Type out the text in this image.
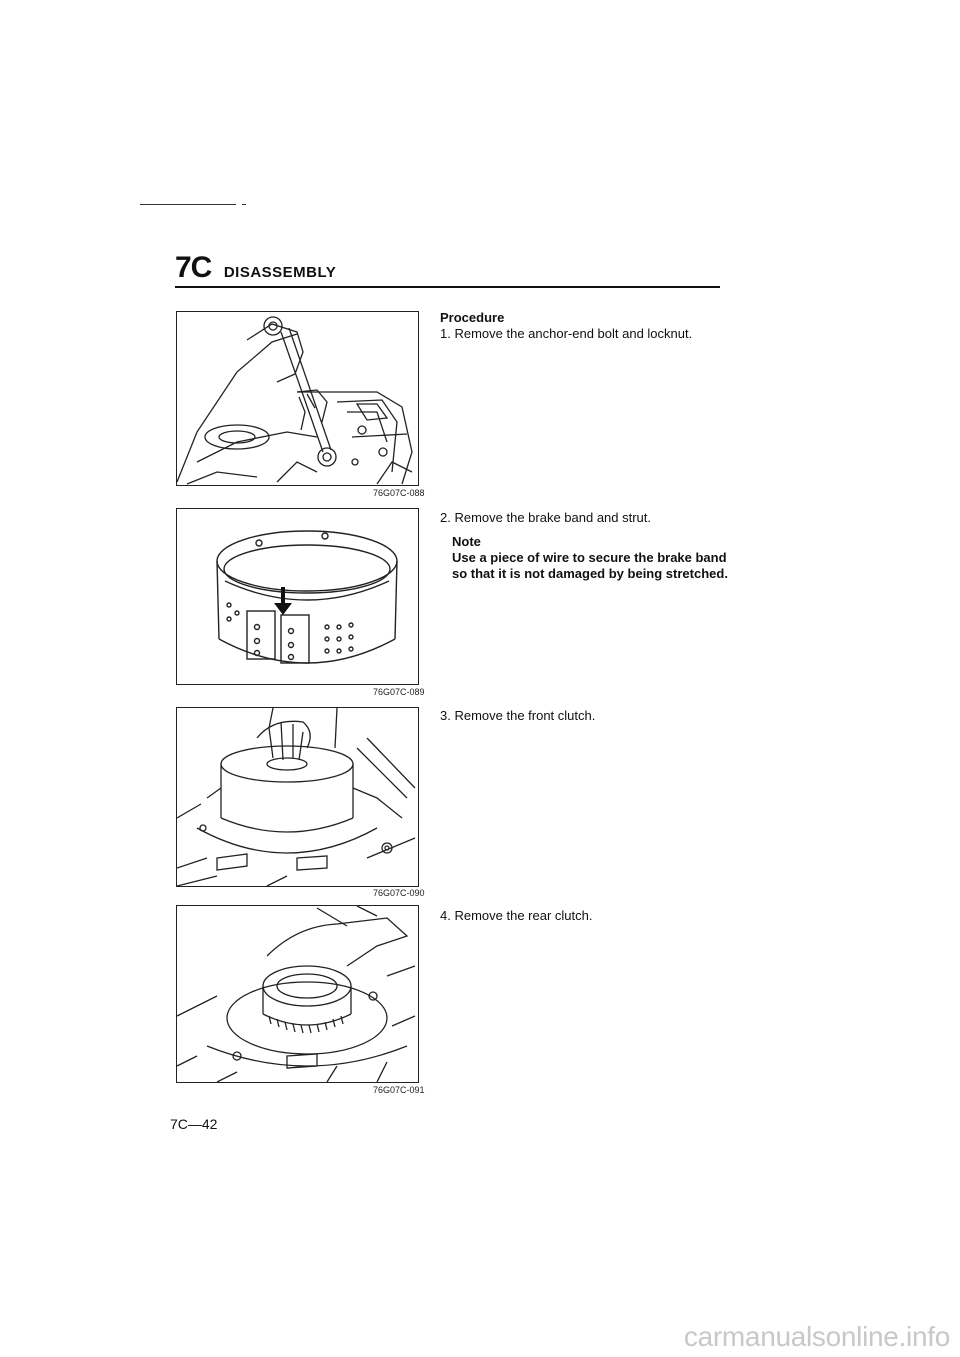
7C DISASSEMBLY
76G07C-088
76G07C-089
76G07C-090
76G07C-091
Procedure
1. Remove the anchor-end bolt and locknut.
2. Remove the brake band and strut.
Note
Use a piece of wire to secure the brake band
so that it is not damaged by being stretched.
3. Remove the front clutch.
4. Remove the rear clutch.
7C—42
carmanualsonline.info
